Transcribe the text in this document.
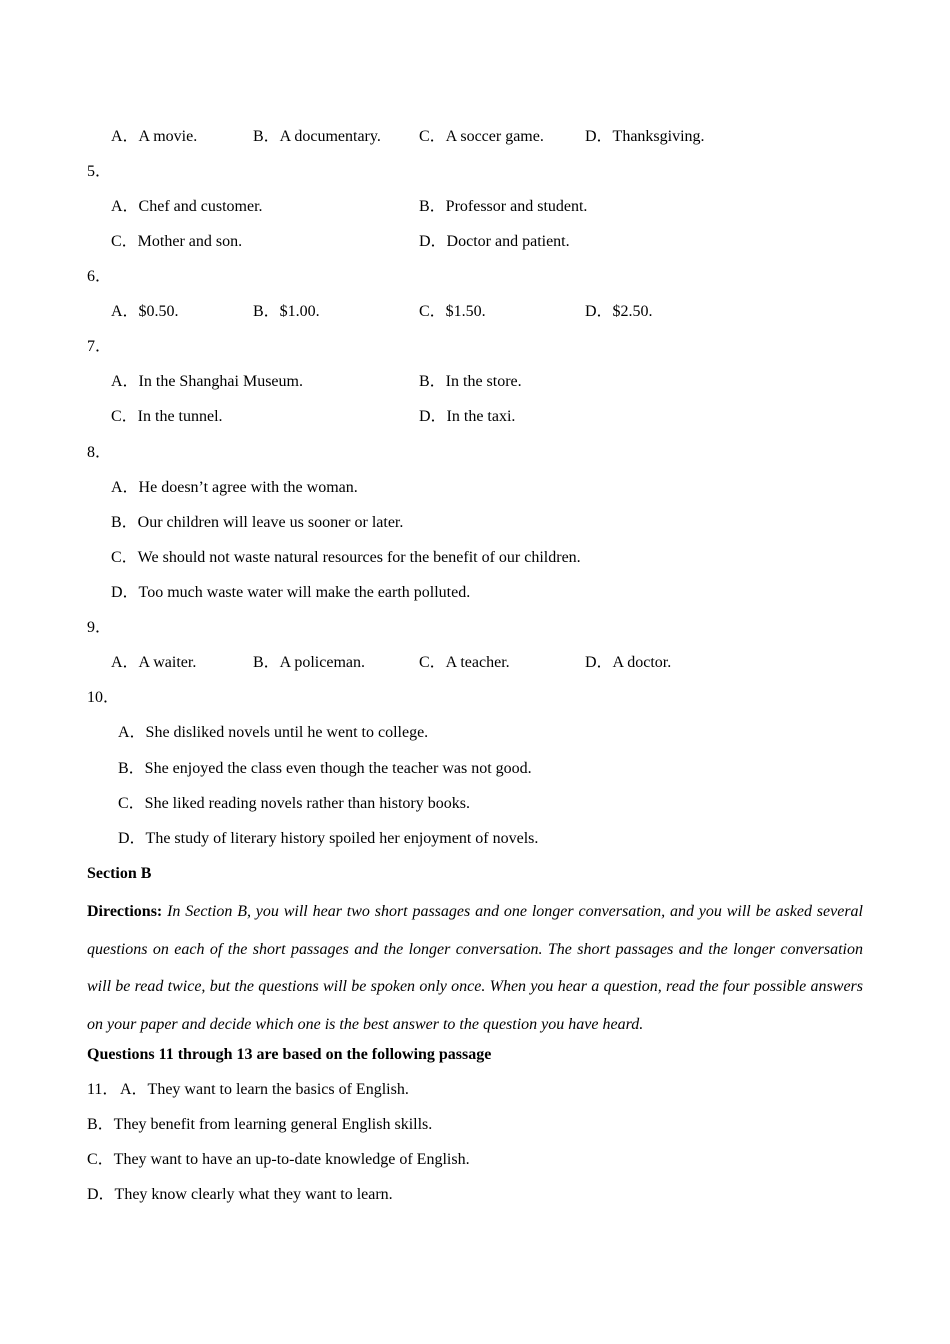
A．A movie.	B．A documentary. C．A soccer game.	D．Thanksgiving.
5．
A．Chef and customer.	B．Professor and student.
C．Mother and son.	D．Doctor and patient.
6．
A．$0.50.	B．$1.00.	C．$1.50.	D．$2.50.
7．
A．In the Shanghai Museum.	B．In the store.
C．In the tunnel.	D．In the taxi.
8．
A．He doesn’t agree with the woman.
B．Our children will leave us sooner or later.
C．We should not waste natural resources for the benefit of our children.
D．Too much waste water will make the earth polluted.
9．
A．A waiter.	B．A policeman.	C．A teacher.	D．A doctor.
10．
A．She disliked novels until he went to college.
B．She enjoyed the class even though the teacher was not good.
C．She liked reading novels rather than history books.
D．The study of literary history spoiled her enjoyment of novels.
Section B
Directions: In Section B, you will hear two short passages and one longer conversation, and you will be asked several questions on each of the short passages and the longer conversation. The short passages and the longer conversation will be read twice, but the questions will be spoken only once. When you hear a question, read the four possible answers on your paper and decide which one is the best answer to the question you have heard.
Questions 11 through 13 are based on the following passage
11． A．They want to learn the basics of English.
B．They benefit from learning general English skills.
C．They want to have an up-to-date knowledge of English.
D．They know clearly what they want to learn.
